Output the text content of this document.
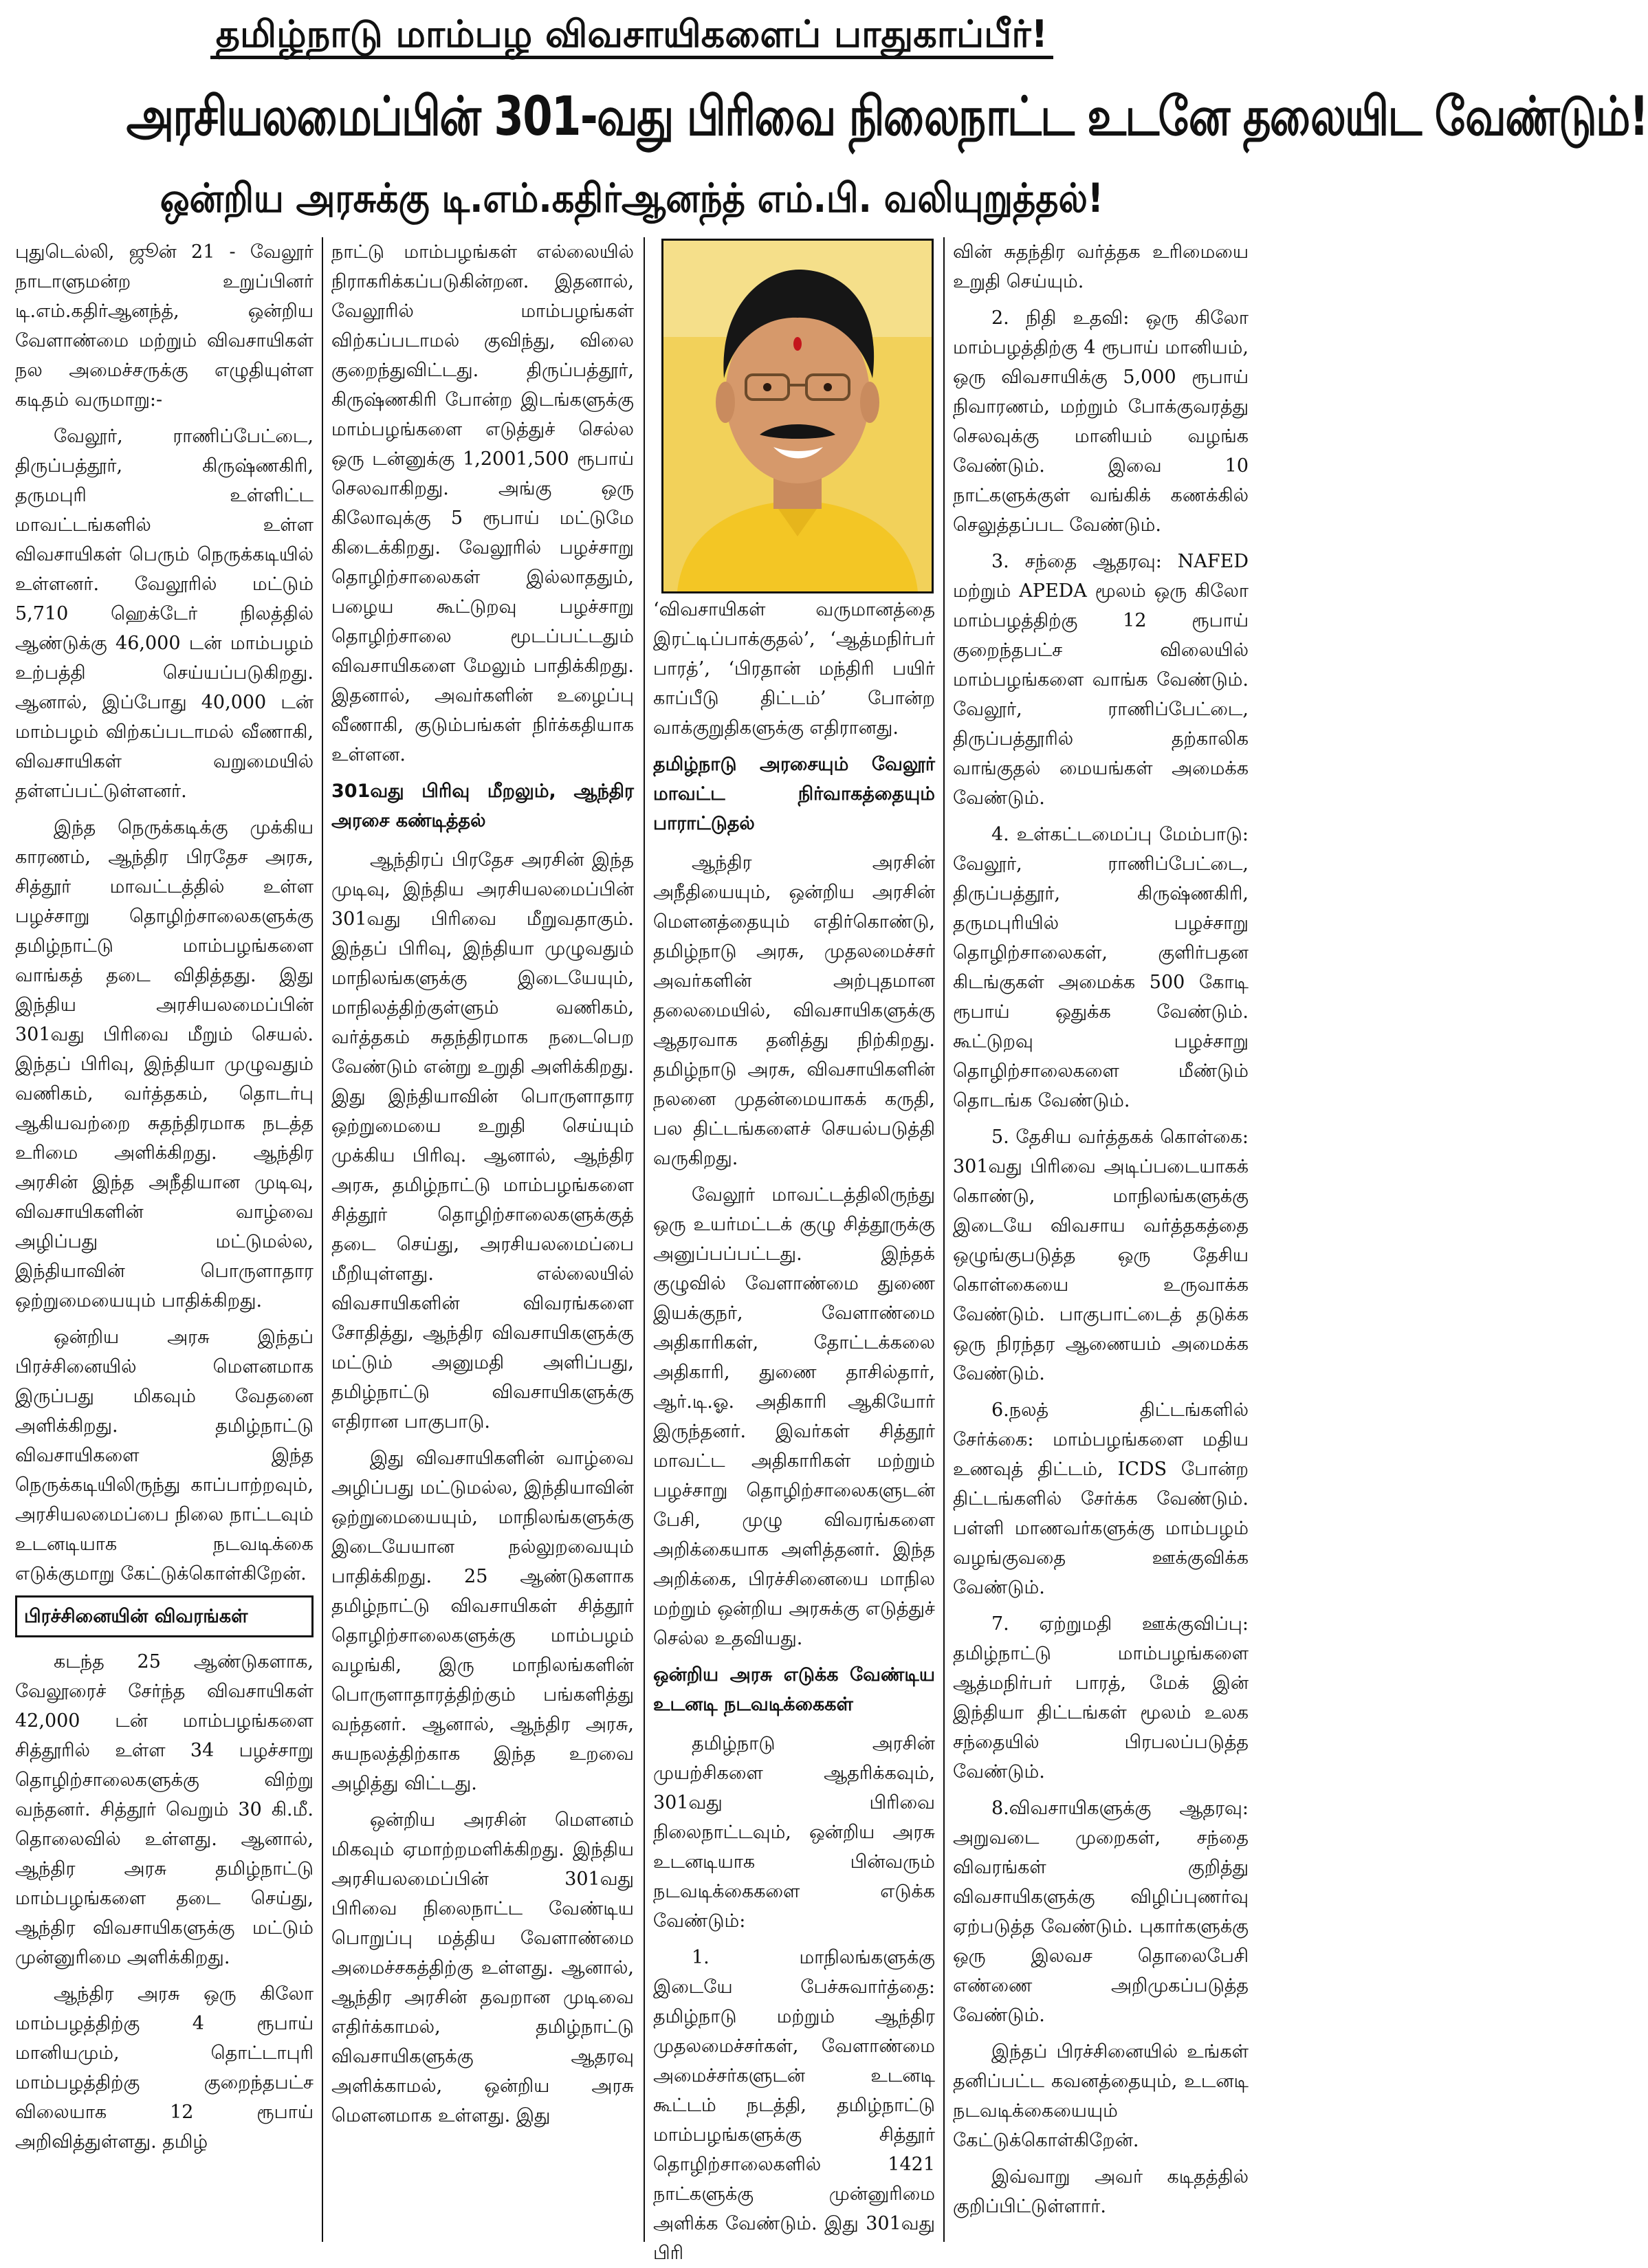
தமிழ்நாடு மாம்பழ விவசாயிகளைப் பாதுகாப்பீர்!
அரசியலமைப்பின் 301-வது பிரிவை நிலைநாட்ட உடனே தலையிட வேண்டும்!
ஒன்றிய அரசுக்கு டி.எம்.கதிர்ஆனந்த் எம்.பி. வலியுறுத்தல்!

புதுடெல்லி, ஜூன் 21 - வேலூர் நாடாளுமன்ற உறுப்பினர் டி.எம்.கதிர்ஆனந்த், ஒன்றிய வேளாண்மை மற்றும் விவசாயிகள் நல அமைச்சருக்கு எழுதியுள்ள கடிதம் வருமாறு:-

வேலூர், ராணிப்பேட்டை, திருப்பத்தூர், கிருஷ்ணகிரி, தருமபுரி உள்ளிட்ட மாவட்டங்களில் உள்ள விவசாயிகள் பெரும் நெருக்கடியில் உள்ளனர். வேலூரில் மட்டும் 5,710 ஹெக்டேர் நிலத்தில் ஆண்டுக்கு 46,000 டன் மாம்பழம் உற்பத்தி செய்யப்படுகிறது. ஆனால், இப்போது 40,000 டன் மாம்பழம் விற்கப்படாமல் வீணாகி, விவசாயிகள் வறுமையில் தள்ளப்பட்டுள்ளனர்.

இந்த நெருக்கடிக்கு முக்கிய காரணம், ஆந்திர பிரதேச அரசு, சித்தூர் மாவட்டத்தில் உள்ள பழச்சாறு தொழிற்சாலைகளுக்கு தமிழ்நாட்டு மாம்பழங்களை வாங்கத் தடை விதித்தது. இது இந்திய அரசியலமைப்பின் 301வது பிரிவை மீறும் செயல். இந்தப் பிரிவு, இந்தியா முழுவதும் வணிகம், வர்த்தகம், தொடர்பு ஆகியவற்றை சுதந்திரமாக நடத்த உரிமை அளிக்கிறது. ஆந்திர அரசின் இந்த அநீதியான முடிவு, விவசாயிகளின் வாழ்வை அழிப்பது மட்டுமல்ல, இந்தியாவின் பொருளாதார ஒற்றுமையையும் பாதிக்கிறது.

ஒன்றிய அரசு இந்தப் பிரச்சினையில் மௌனமாக இருப்பது மிகவும் வேதனை அளிக்கிறது. தமிழ்நாட்டு விவசாயிகளை இந்த நெருக்கடியிலிருந்து காப்பாற்றவும், அரசியலமைப்பை நிலை நாட்டவும் உடனடியாக நடவடிக்கை எடுக்குமாறு கேட்டுக்கொள்கிறேன்.

பிரச்சினையின் விவரங்கள்

கடந்த 25 ஆண்டுகளாக, வேலூரைச் சேர்ந்த விவசாயிகள் 42,000 டன் மாம்பழங்களை சித்தூரில் உள்ள 34 பழச்சாறு தொழிற்சாலைகளுக்கு விற்று வந்தனர். சித்தூர் வெறும் 30 கி.மீ. தொலைவில் உள்ளது. ஆனால், ஆந்திர அரசு தமிழ்நாட்டு மாம்பழங்களை தடை செய்து, ஆந்திர விவசாயிகளுக்கு மட்டும் முன்னுரிமை அளிக்கிறது.

ஆந்திர அரசு ஒரு கிலோ மாம்பழத்திற்கு 4 ரூபாய் மானியமும், தொட்டாபுரி மாம்பழத்திற்கு குறைந்தபட்ச விலையாக 12 ரூபாய் அறிவித்துள்ளது. தமிழ்

நாட்டு மாம்பழங்கள் எல்லையில் நிராகரிக்கப்படுகின்றன. இதனால், வேலூரில் மாம்பழங்கள் விற்கப்படாமல் குவிந்து, விலை குறைந்துவிட்டது. திருப்பத்தூர், கிருஷ்ணகிரி போன்ற இடங்களுக்கு மாம்பழங்களை எடுத்துச் செல்ல ஒரு டன்னுக்கு 1,2001,500 ரூபாய் செலவாகிறது. அங்கு ஒரு கிலோவுக்கு 5 ரூபாய் மட்டுமே கிடைக்கிறது. வேலூரில் பழச்சாறு தொழிற்சாலைகள் இல்லாததும், பழைய கூட்டுறவு பழச்சாறு தொழிற்சாலை மூடப்பட்டதும் விவசாயிகளை மேலும் பாதிக்கிறது. இதனால், அவர்களின் உழைப்பு வீணாகி, குடும்பங்கள் நிர்க்கதியாக உள்ளன.

301வது பிரிவு மீறலும், ஆந்திர அரசை கண்டித்தல்

ஆந்திரப் பிரதேச அரசின் இந்த முடிவு, இந்திய அரசியலமைப்பின் 301வது பிரிவை மீறுவதாகும். இந்தப் பிரிவு, இந்தியா முழுவதும் மாநிலங்களுக்கு இடையேயும், மாநிலத்திற்குள்ளும் வணிகம், வர்த்தகம் சுதந்திரமாக நடைபெற வேண்டும் என்று உறுதி அளிக்கிறது. இது இந்தியாவின் பொருளாதார ஒற்றுமையை உறுதி செய்யும் முக்கிய பிரிவு. ஆனால், ஆந்திர அரசு, தமிழ்நாட்டு மாம்பழங்களை சித்தூர் தொழிற்சாலைகளுக்குத் தடை செய்து, அரசியலமைப்பை மீறியுள்ளது. எல்லையில் விவசாயிகளின் விவரங்களை சோதித்து, ஆந்திர விவசாயிகளுக்கு மட்டும் அனுமதி அளிப்பது, தமிழ்நாட்டு விவசாயிகளுக்கு எதிரான பாகுபாடு.

இது விவசாயிகளின் வாழ்வை அழிப்பது மட்டுமல்ல, இந்தியாவின் ஒற்றுமையையும், மாநிலங்களுக்கு இடையேயான நல்லுறவையும் பாதிக்கிறது. 25 ஆண்டுகளாக தமிழ்நாட்டு விவசாயிகள் சித்தூர் தொழிற்சாலைகளுக்கு மாம்பழம் வழங்கி, இரு மாநிலங்களின் பொருளாதாரத்திற்கும் பங்களித்து வந்தனர். ஆனால், ஆந்திர அரசு, சுயநலத்திற்காக இந்த உறவை அழித்து விட்டது.

ஒன்றிய அரசின் மௌனம் மிகவும் ஏமாற்றமளிக்கிறது. இந்திய அரசியலமைப்பின் 301வது பிரிவை நிலைநாட்ட வேண்டிய பொறுப்பு மத்திய வேளாண்மை அமைச்சகத்திற்கு உள்ளது. ஆனால், ஆந்திர அரசின் தவறான முடிவை எதிர்க்காமல், தமிழ்நாட்டு விவசாயிகளுக்கு ஆதரவு அளிக்காமல், ஒன்றிய அரசு மௌனமாக உள்ளது. இது

‘விவசாயிகள் வருமானத்தை இரட்டிப்பாக்குதல்’, ‘ஆத்மநிர்பர் பாரத்’, ‘பிரதான் மந்திரி பயிர் காப்பீடு திட்டம்’ போன்ற வாக்குறுதிகளுக்கு எதிரானது.

தமிழ்நாடு அரசையும் வேலூர் மாவட்ட நிர்வாகத்தையும் பாராட்டுதல்

ஆந்திர அரசின் அநீதியையும், ஒன்றிய அரசின் மௌனத்தையும் எதிர்கொண்டு, தமிழ்நாடு அரசு, முதலமைச்சர் அவர்களின் அற்புதமான தலைமையில், விவசாயிகளுக்கு ஆதரவாக தனித்து நிற்கிறது. தமிழ்நாடு அரசு, விவசாயிகளின் நலனை முதன்மையாகக் கருதி, பல திட்டங்களைச் செயல்படுத்தி வருகிறது.

வேலூர் மாவட்டத்திலிருந்து ஒரு உயர்மட்டக் குழு சித்தூருக்கு அனுப்பப்பட்டது. இந்தக் குழுவில் வேளாண்மை துணை இயக்குநர், வேளாண்மை அதிகாரிகள், தோட்டக்கலை அதிகாரி, துணை தாசில்தார், ஆர்.டி.ஓ. அதிகாரி ஆகியோர் இருந்தனர். இவர்கள் சித்தூர் மாவட்ட அதிகாரிகள் மற்றும் பழச்சாறு தொழிற்சாலைகளுடன் பேசி, முழு விவரங்களை அறிக்கையாக அளித்தனர். இந்த அறிக்கை, பிரச்சினையை மாநில மற்றும் ஒன்றிய அரசுக்கு எடுத்துச் செல்ல உதவியது.

ஒன்றிய அரசு எடுக்க வேண்டிய உடனடி நடவடிக்கைகள்

தமிழ்நாடு அரசின் முயற்சிகளை ஆதரிக்கவும், 301வது பிரிவை நிலைநாட்டவும், ஒன்றிய அரசு உடனடியாக பின்வரும் நடவடிக்கைகளை எடுக்க வேண்டும்:

1. மாநிலங்களுக்கு இடையே பேச்சுவார்த்தை: தமிழ்நாடு மற்றும் ஆந்திர முதலமைச்சர்கள், வேளாண்மை அமைச்சர்களுடன் உடனடி கூட்டம் நடத்தி, தமிழ்நாட்டு மாம்பழங்களுக்கு சித்தூர் தொழிற்சாலைகளில் 1421 நாட்களுக்கு முன்னுரிமை அளிக்க வேண்டும். இது 301வது பிரி

வின் சுதந்திர வர்த்தக உரிமையை உறுதி செய்யும்.

2. நிதி உதவி: ஒரு கிலோ மாம்பழத்திற்கு 4 ரூபாய் மானியம், ஒரு விவசாயிக்கு 5,000 ரூபாய் நிவாரணம், மற்றும் போக்குவரத்து செலவுக்கு மானியம் வழங்க வேண்டும். இவை 10 நாட்களுக்குள் வங்கிக் கணக்கில் செலுத்தப்பட வேண்டும்.

3. சந்தை ஆதரவு: NAFED மற்றும் APEDA மூலம் ஒரு கிலோ மாம்பழத்திற்கு 12 ரூபாய் குறைந்தபட்ச விலையில் மாம்பழங்களை வாங்க வேண்டும். வேலூர், ராணிப்பேட்டை, திருப்பத்தூரில் தற்காலிக வாங்குதல் மையங்கள் அமைக்க வேண்டும்.

4. உள்கட்டமைப்பு மேம்பாடு: வேலூர், ராணிப்பேட்டை, திருப்பத்தூர், கிருஷ்ணகிரி, தருமபுரியில் பழச்சாறு தொழிற்சாலைகள், குளிர்பதன கிடங்குகள் அமைக்க 500 கோடி ரூபாய் ஒதுக்க வேண்டும். கூட்டுறவு பழச்சாறு தொழிற்சாலைகளை மீண்டும் தொடங்க வேண்டும்.

5. தேசிய வர்த்தகக் கொள்கை: 301வது பிரிவை அடிப்படையாகக் கொண்டு, மாநிலங்களுக்கு இடையே விவசாய வர்த்தகத்தை ஒழுங்குபடுத்த ஒரு தேசிய கொள்கையை உருவாக்க வேண்டும். பாகுபாட்டைத் தடுக்க ஒரு நிரந்தர ஆணையம் அமைக்க வேண்டும்.

6.நலத் திட்டங்களில் சேர்க்கை: மாம்பழங்களை மதிய உணவுத் திட்டம், ICDS போன்ற திட்டங்களில் சேர்க்க வேண்டும். பள்ளி மாணவர்களுக்கு மாம்பழம் வழங்குவதை ஊக்குவிக்க வேண்டும்.

7. ஏற்றுமதி ஊக்குவிப்பு: தமிழ்நாட்டு மாம்பழங்களை ஆத்மநிர்பர் பாரத், மேக் இன் இந்தியா திட்டங்கள் மூலம் உலக சந்தையில் பிரபலப்படுத்த வேண்டும்.

8.விவசாயிகளுக்கு ஆதரவு: அறுவடை முறைகள், சந்தை விவரங்கள் குறித்து விவசாயிகளுக்கு விழிப்புணர்வு ஏற்படுத்த வேண்டும். புகார்களுக்கு ஒரு இலவச தொலைபேசி எண்ணை அறிமுகப்படுத்த வேண்டும்.

இந்தப் பிரச்சினையில் உங்கள் தனிப்பட்ட கவனத்தையும், உடனடி நடவடிக்கையையும் கேட்டுக்கொள்கிறேன்.

இவ்வாறு அவர் கடிதத்தில் குறிப்பிட்டுள்ளார்.
